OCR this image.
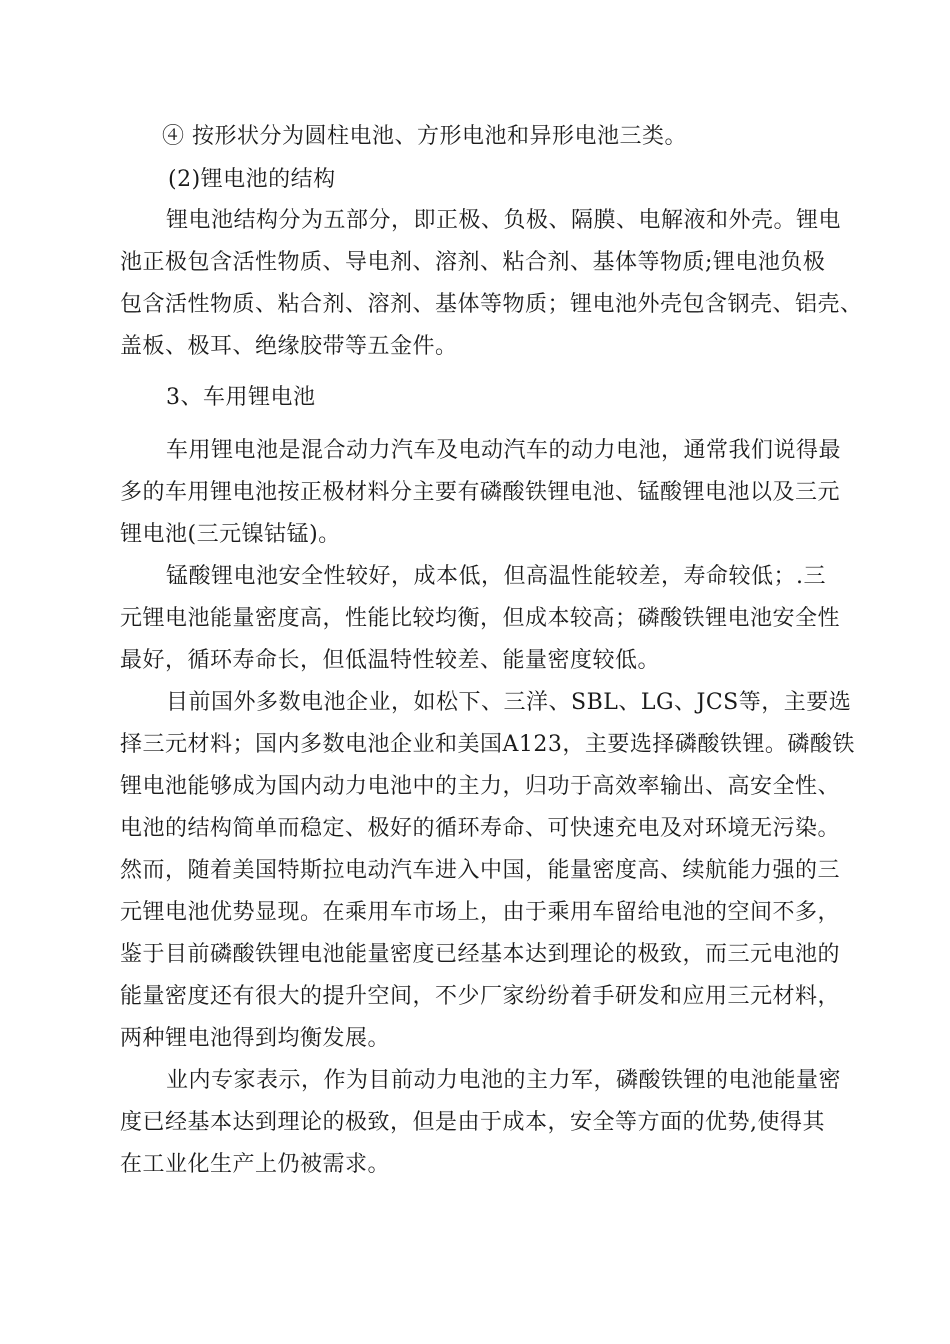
④ 按形状分为圆柱电池、方形电池和异形电池三类。
(2)锂电池的结构
锂电池结构分为五部分，即正极、负极、隔膜、电解液和外壳。锂电
池正极包含活性物质、导电剂、溶剂、粘合剂、基体等物质;锂电池负极
包含活性物质、粘合剂、溶剂、基体等物质；锂电池外壳包含钢壳、铝壳、
盖板、极耳、绝缘胶带等五金件。
3、车用锂电池
车用锂电池是混合动力汽车及电动汽车的动力电池，通常我们说得最
多的车用锂电池按正极材料分主要有磷酸铁锂电池、锰酸锂电池以及三元
锂电池(三元镍钴锰)。
锰酸锂电池安全性较好，成本低，但高温性能较差，寿命较低；.三
元锂电池能量密度高，性能比较均衡，但成本较高；磷酸铁锂电池安全性
最好，循环寿命长，但低温特性较差、能量密度较低。
目前国外多数电池企业，如松下、三洋、SBL、LG、JCS等，主要选
择三元材料；国内多数电池企业和美国A123，主要选择磷酸铁锂。磷酸铁
锂电池能够成为国内动力电池中的主力，归功于高效率输出、高安全性、
电池的结构简单而稳定、极好的循环寿命、可快速充电及对环境无污染。
然而，随着美国特斯拉电动汽车进入中国，能量密度高、续航能力强的三
元锂电池优势显现。在乘用车市场上，由于乘用车留给电池的空间不多，
鉴于目前磷酸铁锂电池能量密度已经基本达到理论的极致，而三元电池的
能量密度还有很大的提升空间，不少厂家纷纷着手研发和应用三元材料，
两种锂电池得到均衡发展。
业内专家表示，作为目前动力电池的主力军，磷酸铁锂的电池能量密
度已经基本达到理论的极致，但是由于成本，安全等方面的优势,使得其
在工业化生产上仍被需求。
